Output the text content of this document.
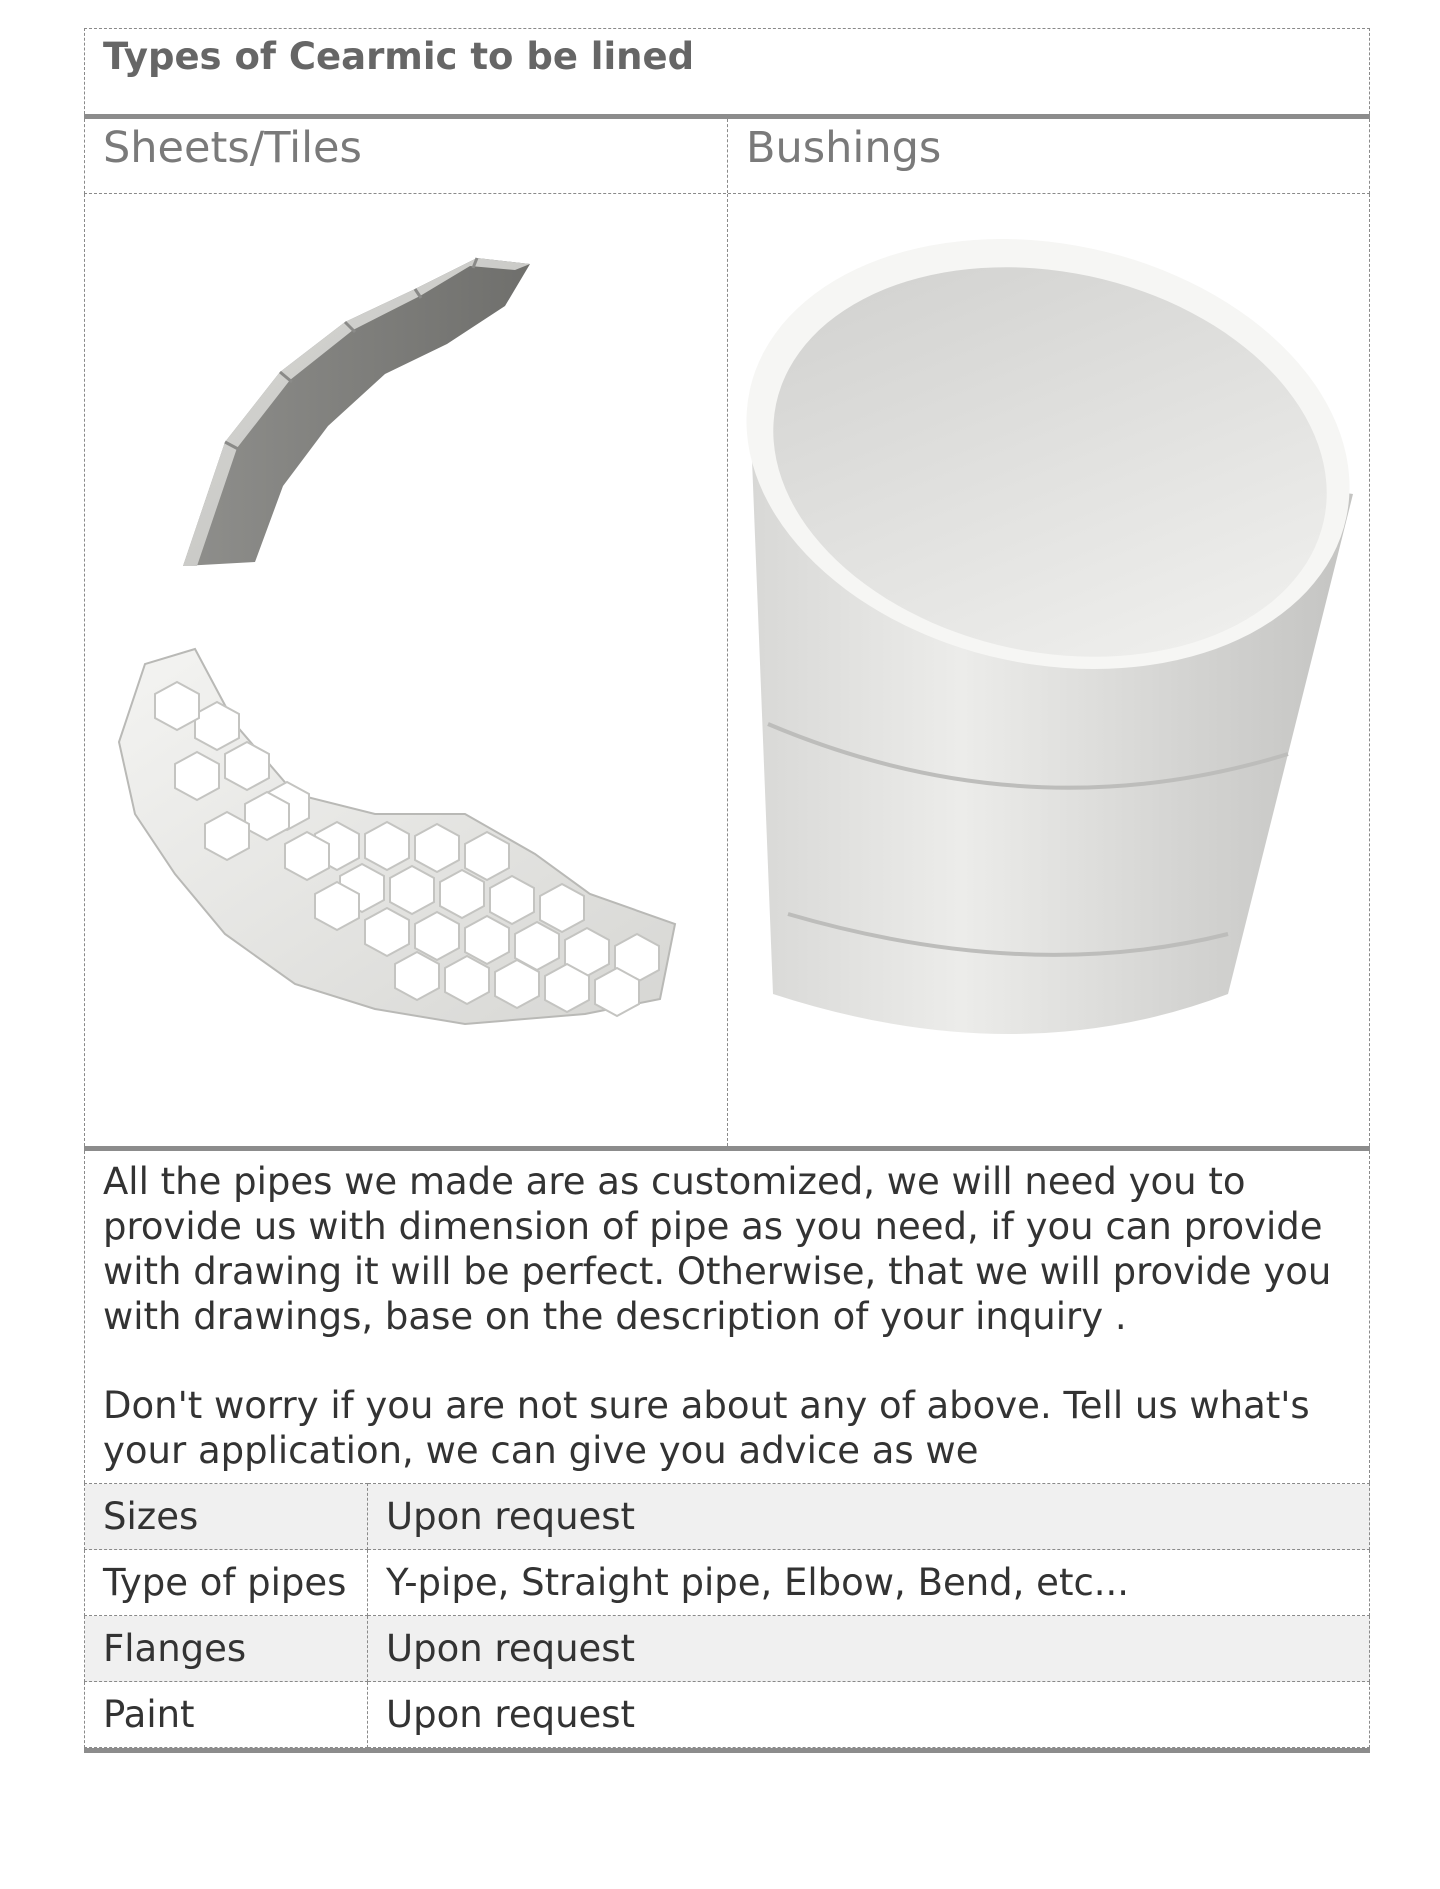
Types of Cearmic to be lined
Sheets/Tiles	Bushings

All the pipes we made are as customized, we will need you to provide us with dimension of pipe as you need, if you can provide with drawing it will be perfect. Otherwise, that we will provide you with drawings, base on the description of your inquiry .

Don't worry if you are not sure about any of above. Tell us what's your application, we can give you advice as we

Sizes	Upon request
Type of pipes	Y-pipe, Straight pipe, Elbow, Bend, etc...
Flanges	Upon request
Paint	Upon request
